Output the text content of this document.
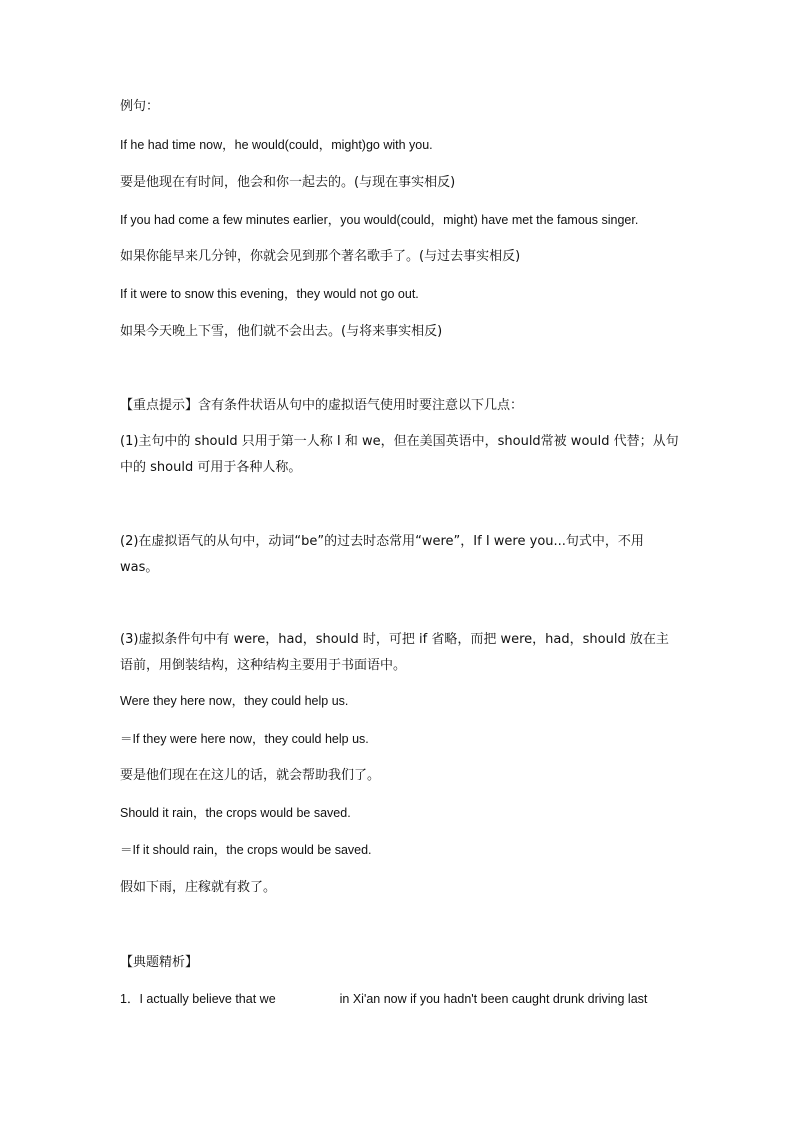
例句：
If he had time now，he would(could，might)go with you.
要是他现在有时间，他会和你一起去的。(与现在事实相反)
If you had come a few minutes earlier，you would(could，might) have met the famous singer.
如果你能早来几分钟，你就会见到那个著名歌手了。(与过去事实相反)
If it were to snow this evening，they would not go out.
如果今天晚上下雪，他们就不会出去。(与将来事实相反)
【重点提示】含有条件状语从句中的虚拟语气使用时要注意以下几点：
(1)主句中的 should 只用于第一人称 I 和 we，但在美国英语中，should常被 would 代替；从句中的 should 可用于各种人称。
(2)在虚拟语气的从句中，动词“be”的过去时态常用“were”，If I were you...句式中，不用was。
(3)虚拟条件句中有 were，had，should 时，可把 if 省略，而把 were，had，should 放在主语前，用倒装结构，这种结构主要用于书面语中。
Were they here now，they could help us.
＝If they were here now，they could help us.
要是他们现在在这儿的话，就会帮助我们了。
Should it rain，the crops would be saved.
＝If it should rain，the crops would be saved.
假如下雨，庄稼就有救了。
【典题精析】
1．I actually believe that we	in Xi'an now if you hadn't been caught drunk driving last
